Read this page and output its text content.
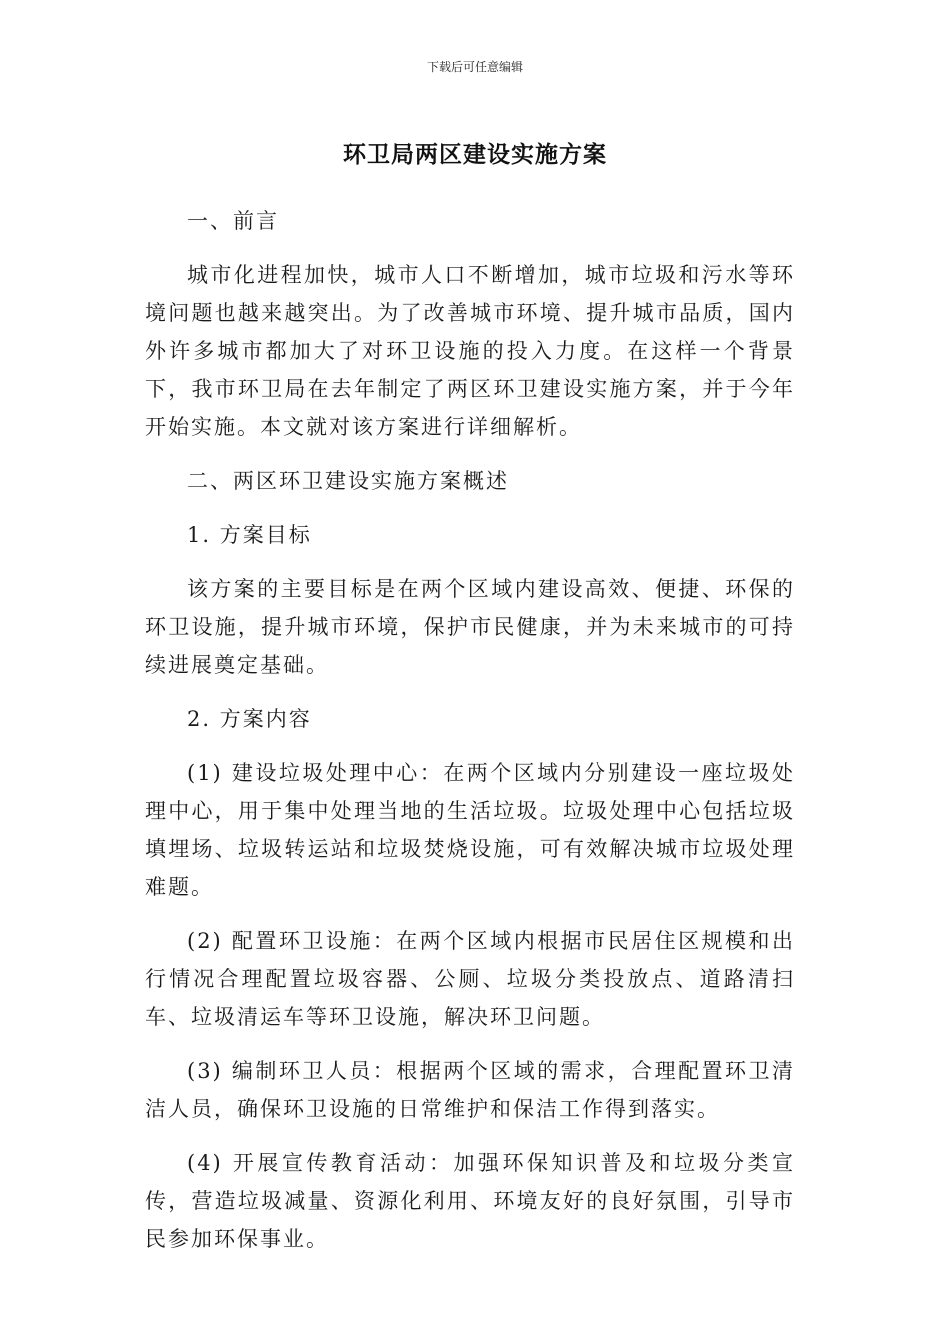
下载后可任意编辑
环卫局两区建设实施方案

一、前言

城市化进程加快，城市人口不断增加，城市垃圾和污水等环境问题也越来越突出。为了改善城市环境、提升城市品质，国内外许多城市都加大了对环卫设施的投入力度。在这样一个背景下，我市环卫局在去年制定了两区环卫建设实施方案，并于今年开始实施。本文就对该方案进行详细解析。

二、两区环卫建设实施方案概述

1. 方案目标

该方案的主要目标是在两个区域内建设高效、便捷、环保的环卫设施，提升城市环境，保护市民健康，并为未来城市的可持续进展奠定基础。

2. 方案内容

(1) 建设垃圾处理中心：在两个区域内分别建设一座垃圾处理中心，用于集中处理当地的生活垃圾。垃圾处理中心包括垃圾填埋场、垃圾转运站和垃圾焚烧设施，可有效解决城市垃圾处理难题。

(2) 配置环卫设施：在两个区域内根据市民居住区规模和出行情况合理配置垃圾容器、公厕、垃圾分类投放点、道路清扫车、垃圾清运车等环卫设施，解决环卫问题。

(3) 编制环卫人员：根据两个区域的需求，合理配置环卫清洁人员，确保环卫设施的日常维护和保洁工作得到落实。

(4) 开展宣传教育活动：加强环保知识普及和垃圾分类宣传，营造垃圾减量、资源化利用、环境友好的良好氛围，引导市民参加环保事业。
